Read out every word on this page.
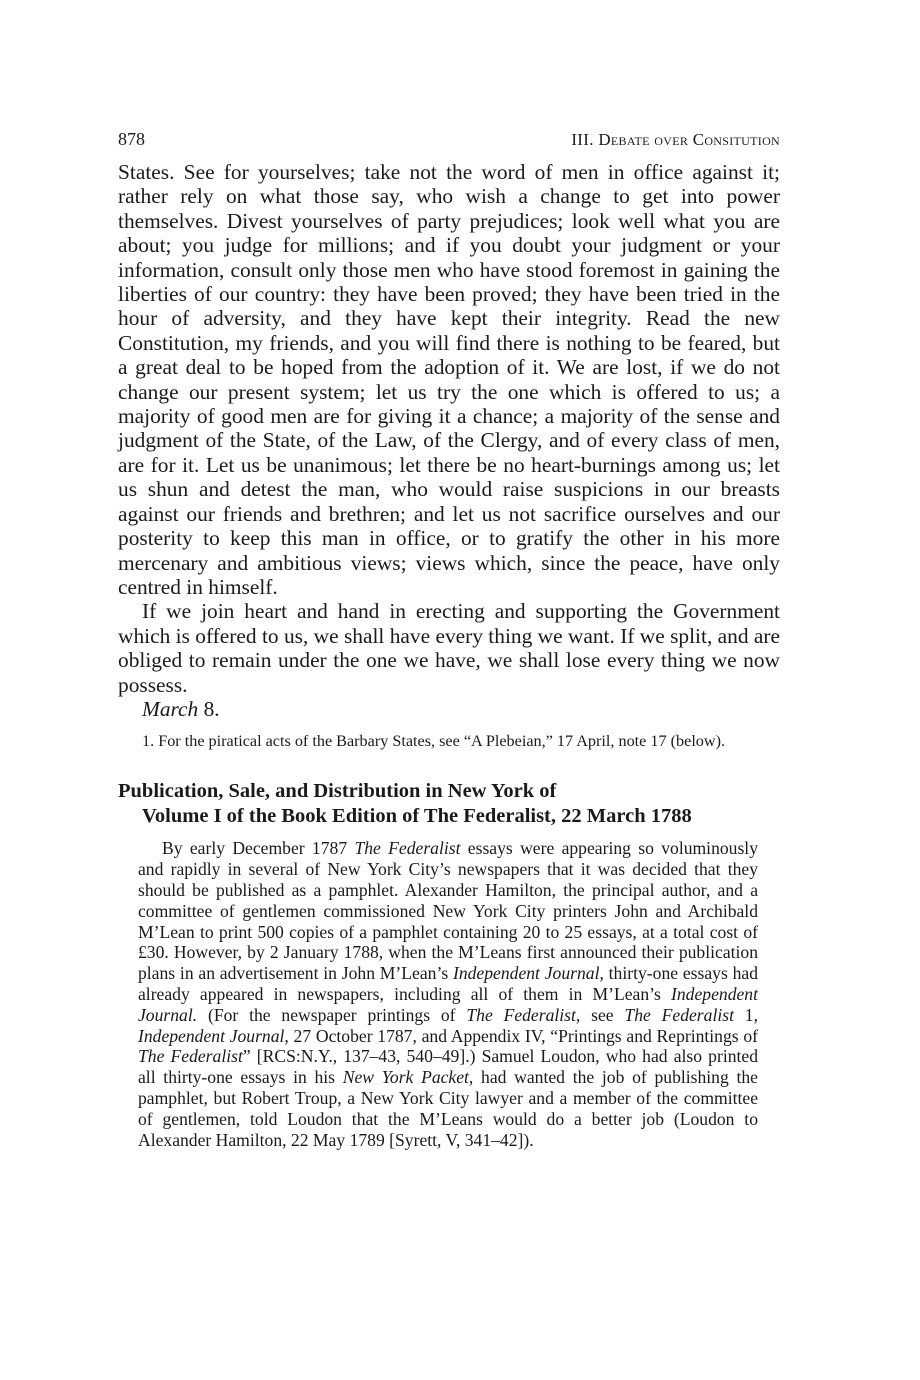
878	III. Debate over Consitution

States. See for yourselves; take not the word of men in office against it; rather rely on what those say, who wish a change to get into power themselves. Divest yourselves of party prejudices; look well what you are about; you judge for millions; and if you doubt your judgment or your information, consult only those men who have stood foremost in gaining the liberties of our country: they have been proved; they have been tried in the hour of adversity, and they have kept their integrity. Read the new Constitution, my friends, and you will find there is nothing to be feared, but a great deal to be hoped from the adoption of it. We are lost, if we do not change our present system; let us try the one which is offered to us; a majority of good men are for giving it a chance; a majority of the sense and judgment of the State, of the Law, of the Clergy, and of every class of men, are for it. Let us be unanimous; let there be no heart-burnings among us; let us shun and detest the man, who would raise suspicions in our breasts against our friends and brethren; and let us not sacrifice ourselves and our posterity to keep this man in office, or to gratify the other in his more mercenary and ambitious views; views which, since the peace, have only centred in himself.

If we join heart and hand in erecting and supporting the Government which is offered to us, we shall have every thing we want. If we split, and are obliged to remain under the one we have, we shall lose every thing we now possess.

March 8.

1. For the piratical acts of the Barbary States, see “A Plebeian,” 17 April, note 17 (below).

Publication, Sale, and Distribution in New York of
Volume I of the Book Edition of The Federalist, 22 March 1788

By early December 1787 The Federalist essays were appearing so voluminously and rapidly in several of New York City’s newspapers that it was decided that they should be published as a pamphlet. Alexander Hamilton, the principal author, and a committee of gentlemen commissioned New York City printers John and Archibald M’Lean to print 500 copies of a pamphlet containing 20 to 25 essays, at a total cost of £30. However, by 2 January 1788, when the M’Leans first announced their publication plans in an advertisement in John M’Lean’s Independent Journal, thirty-one essays had already appeared in newspapers, including all of them in M’Lean’s Independent Journal. (For the newspaper printings of The Federalist, see The Federalist 1, Independent Journal, 27 October 1787, and Appendix IV, “Printings and Reprintings of The Federalist” [RCS:N.Y., 137–43, 540–49].) Samuel Loudon, who had also printed all thirty-one essays in his New York Packet, had wanted the job of publishing the pamphlet, but Robert Troup, a New York City lawyer and a member of the committee of gentlemen, told Loudon that the M’Leans would do a better job (Loudon to Alexander Hamilton, 22 May 1789 [Syrett, V, 341–42]).
